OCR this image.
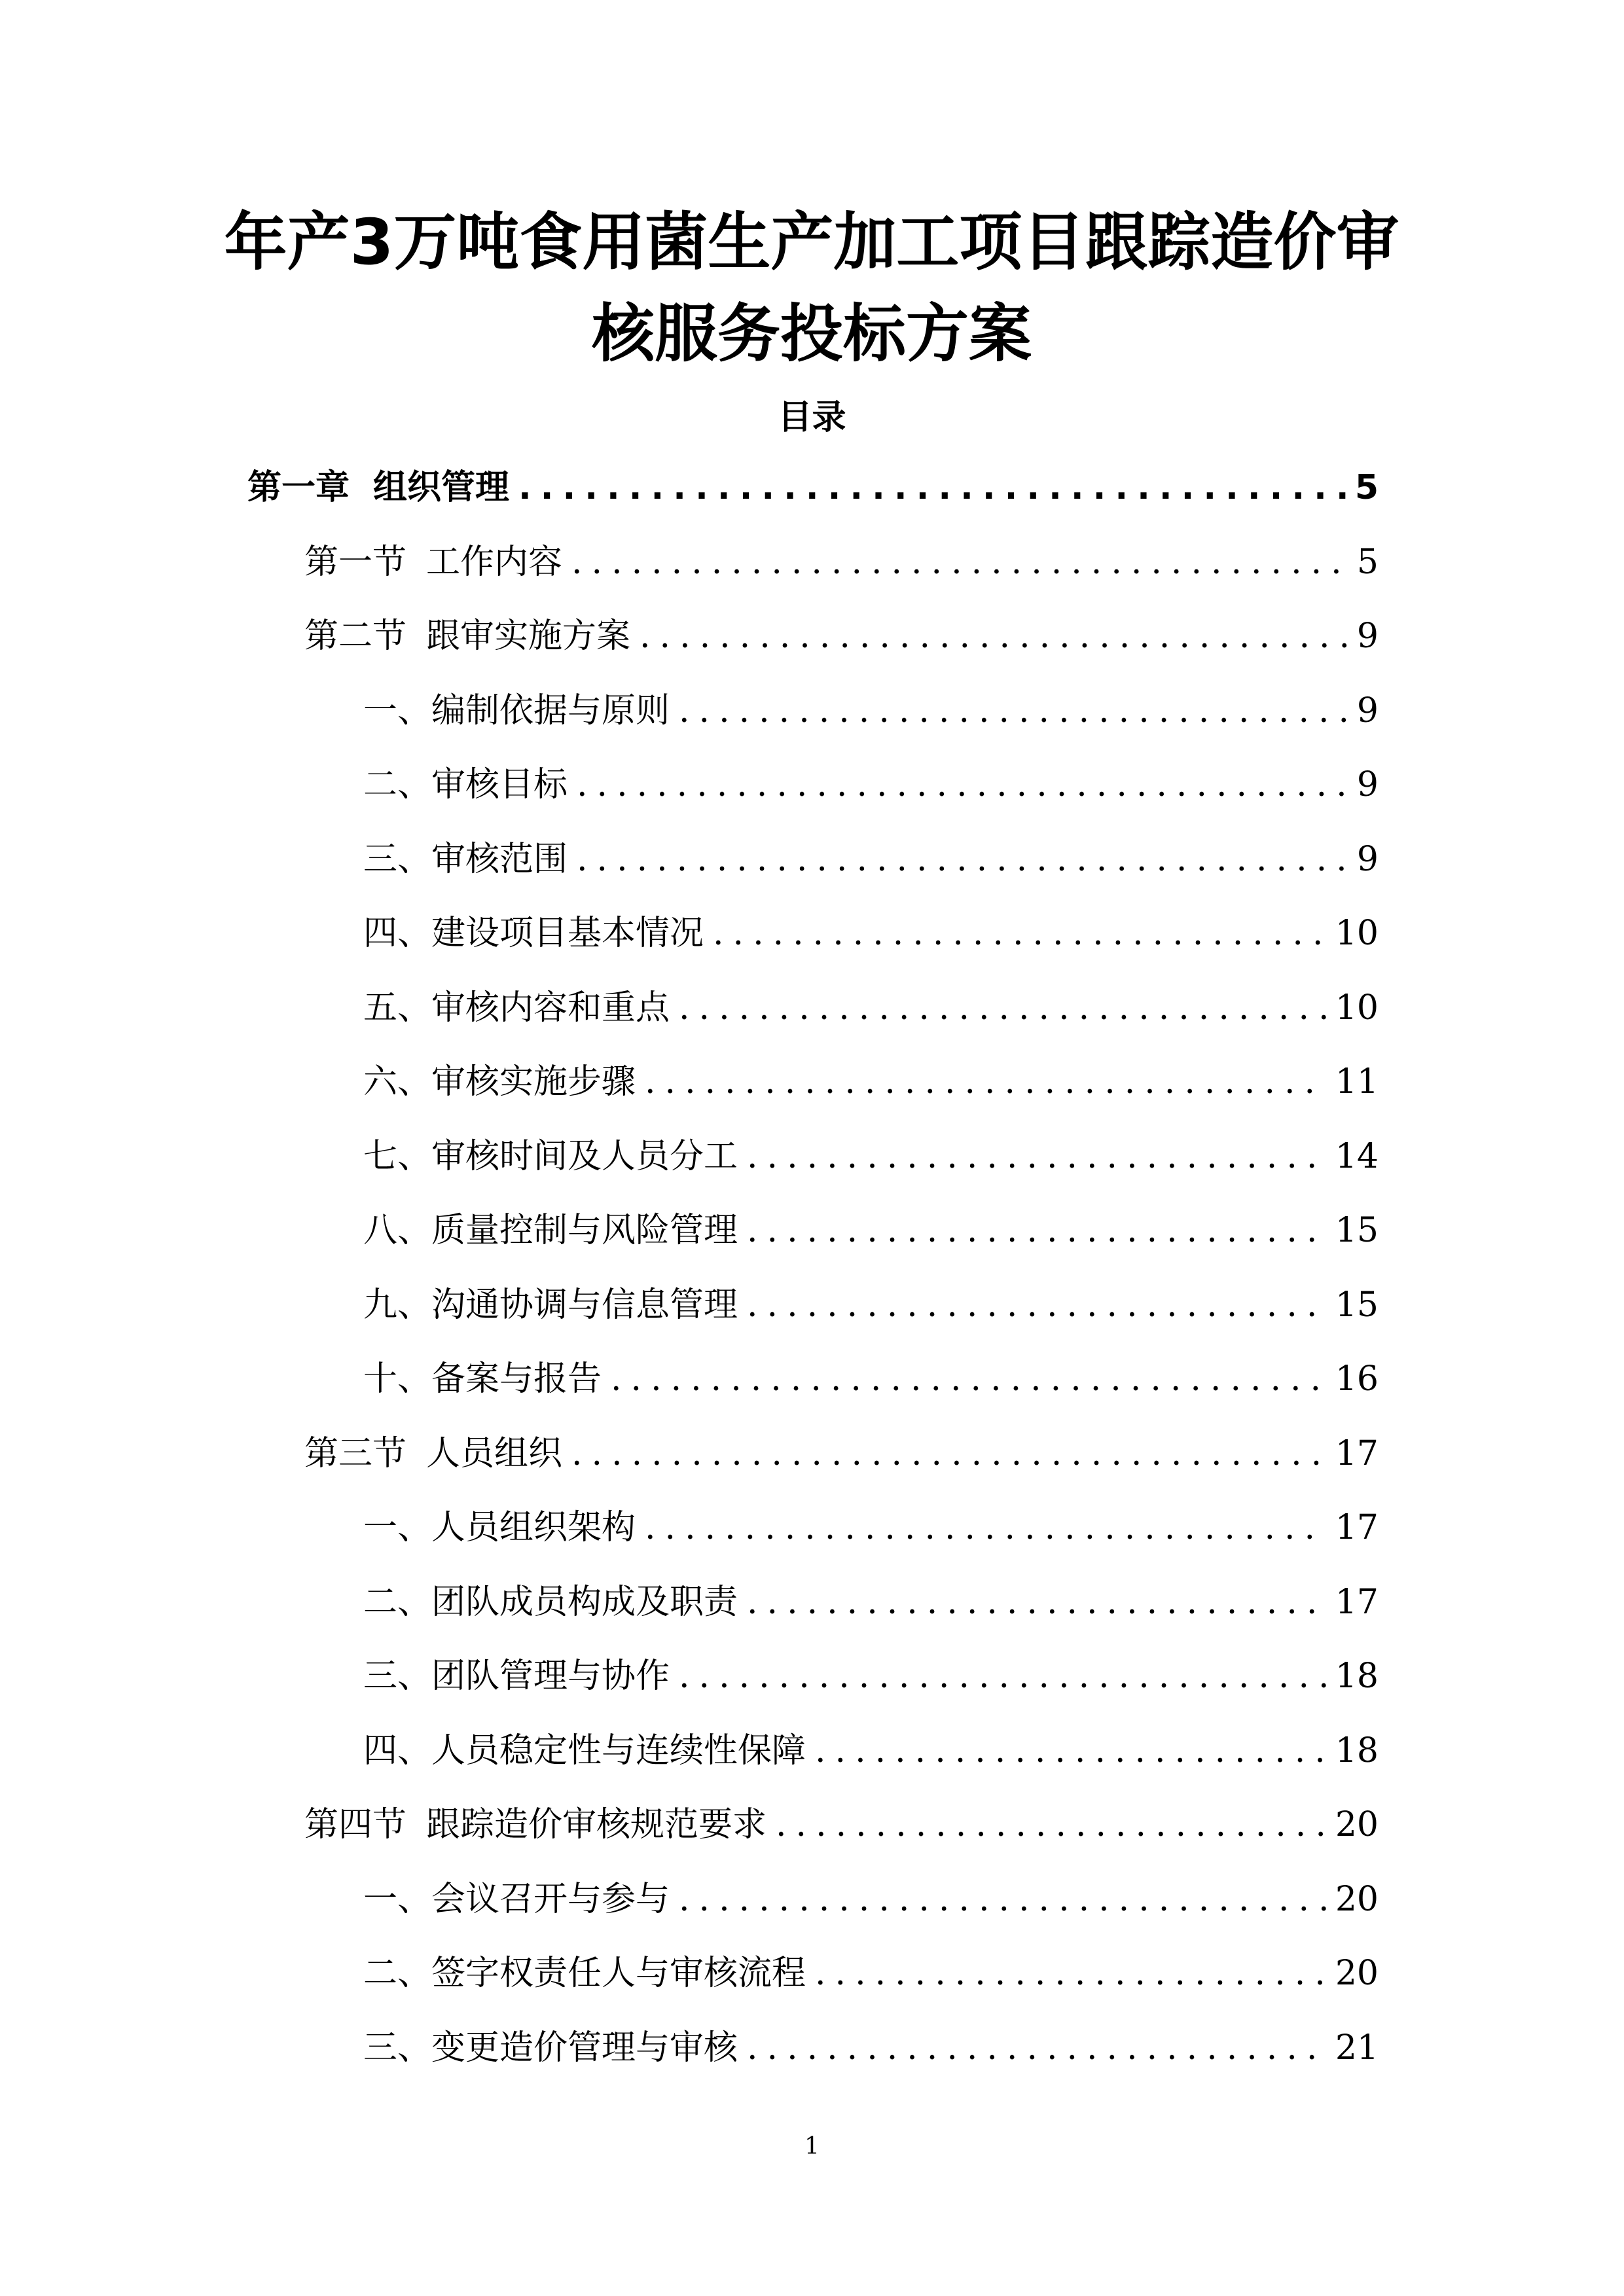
年产3万吨食用菌生产加工项目跟踪造价审
核服务投标方案
目录
第一章 组织管理 .....	5
第一节 工作内容 .....	5
第二节 跟审实施方案 .....	9
一、 编制依据与原则 .....	9
二、 审核目标 .....	9
三、 审核范围 .....	9
四、 建设项目基本情况 .....	10
五、 审核内容和重点 .....	10
六、 审核实施步骤 .....	11
七、 审核时间及人员分工 .....	14
八、 质量控制与风险管理 .....	15
九、 沟通协调与信息管理 .....	15
十、 备案与报告 .....	16
第三节 人员组织 .....	17
一、 人员组织架构 .....	17
二、 团队成员构成及职责 .....	17
三、 团队管理与协作 .....	18
四、 人员稳定性与连续性保障 .....	18
第四节 跟踪造价审核规范要求 .....	20
一、 会议召开与参与 .....	20
二、 签字权责任人与审核流程 .....	20
三、 变更造价管理与审核 .....	21
1
